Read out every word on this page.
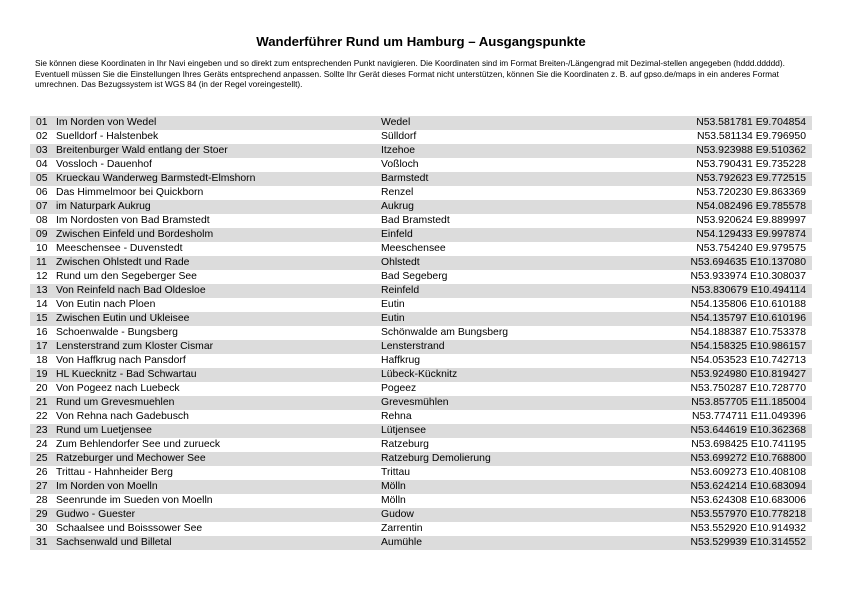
Wanderführer Rund um Hamburg – Ausgangspunkte

Sie können diese Koordinaten in Ihr Navi eingeben und so direkt zum entsprechenden Punkt navigieren. Die Koordinaten sind im Format Breiten-/Längengrad mit Dezimal-stellen angegeben (hddd.ddddd).

Eventuell müssen Sie die Einstellungen Ihres Geräts entsprechend anpassen. Sollte Ihr Gerät dieses Format nicht unterstützen, können Sie die Koordinaten z. B. auf gpso.de/maps in ein anderes Format umrechnen. Das Bezugssystem ist WGS 84 (in der Regel voreingestellt).

01 Im Norden von Wedel	Wedel	N53.581781 E9.704854
02 Suelldorf - Halstenbek	Sülldorf	N53.581134 E9.796950
03 Breitenburger Wald entlang der Stoer	Itzehoe	N53.923988 E9.510362
04 Vossloch - Dauenhof	Voßloch	N53.790431 E9.735228
05 Krueckau Wanderweg Barmstedt-Elmshorn	Barmstedt	N53.792623 E9.772515
06 Das Himmelmoor bei Quickborn	Renzel	N53.720230 E9.863369
07 im Naturpark Aukrug	Aukrug	N54.082496 E9.785578
08 Im Nordosten von Bad Bramstedt	Bad Bramstedt	N53.920624 E9.889997
09 Zwischen Einfeld und Bordesholm	Einfeld	N54.129433 E9.997874
10 Meeschensee - Duvenstedt	Meeschensee	N53.754240 E9.979575
11 Zwischen Ohlstedt und Rade	Ohlstedt	N53.694635 E10.137080
12 Rund um den Segeberger See	Bad Segeberg	N53.933974 E10.308037
13 Von Reinfeld nach Bad Oldesloe	Reinfeld	N53.830679 E10.494114
14 Von Eutin nach Ploen	Eutin	N54.135806 E10.610188
15 Zwischen Eutin und Ukleisee	Eutin	N54.135797 E10.610196
16 Schoenwalde - Bungsberg	Schönwalde am Bungsberg	N54.188387 E10.753378
17 Lensterstrand zum Kloster Cismar	Lensterstrand	N54.158325 E10.986157
18 Von Haffkrug nach Pansdorf	Haffkrug	N54.053523 E10.742713
19 HL Kuecknitz - Bad Schwartau	Lübeck-Kücknitz	N53.924980 E10.819427
20 Von Pogeez nach Luebeck	Pogeez	N53.750287 E10.728770
21 Rund um Grevesmuehlen	Grevesmühlen	N53.857705 E11.185004
22 Von Rehna nach Gadebusch	Rehna	N53.774711 E11.049396
23 Rund um Luetjensee	Lütjensee	N53.644619 E10.362368
24 Zum Behlendorfer See und zurueck	Ratzeburg	N53.698425 E10.741195
25 Ratzeburger und Mechower See	Ratzeburg Demolierung	N53.699272 E10.768800
26 Trittau - Hahnheider Berg	Trittau	N53.609273 E10.408108
27 Im Norden von Moelln	Mölln	N53.624214 E10.683094
28 Seenrunde im Sueden von Moelln	Mölln	N53.624308 E10.683006
29 Gudwo - Guester	Gudow	N53.557970 E10.778218
30 Schaalsee und Boisssower See	Zarrentin	N53.552920 E10.914932
31 Sachsenwald und Billetal	Aumühle	N53.529939 E10.314552
